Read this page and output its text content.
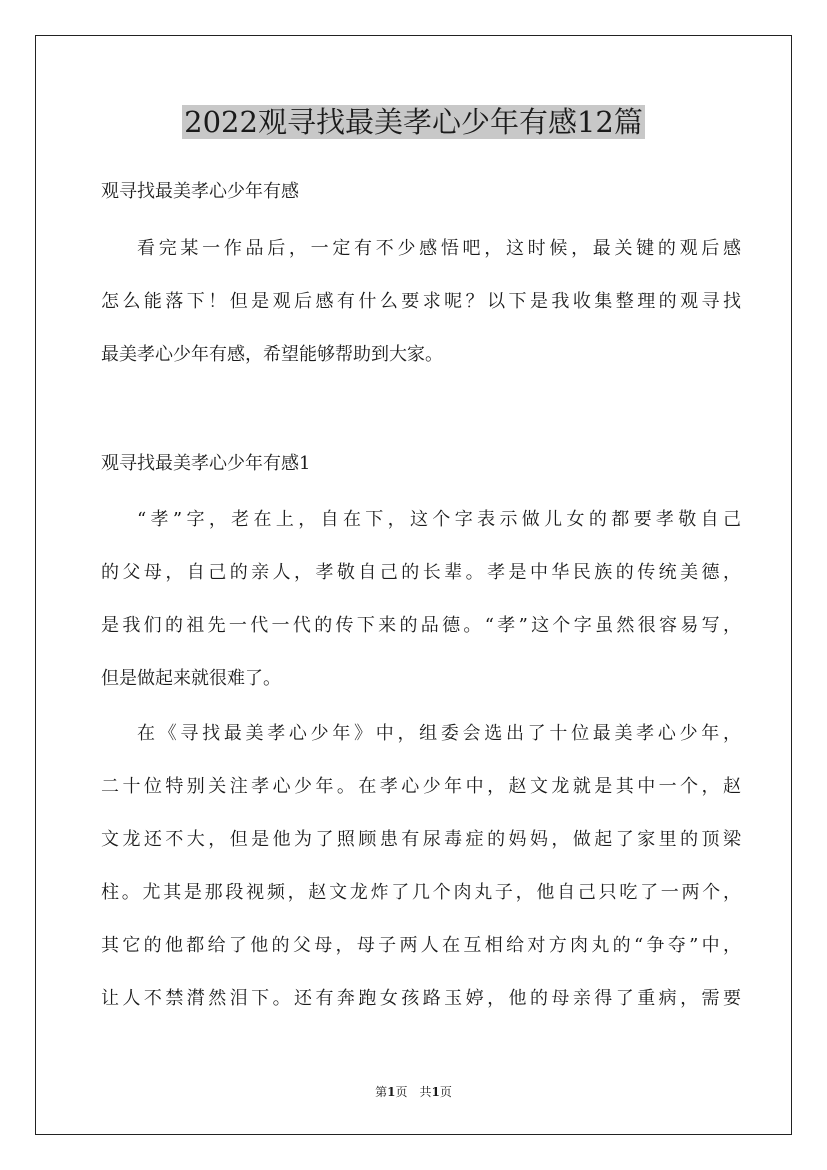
2022观寻找最美孝心少年有感12篇
观寻找最美孝心少年有感

看完某一作品后，一定有不少感悟吧，这时候，最关键的观后感
怎么能落下！但是观后感有什么要求呢？以下是我收集整理的观寻找
最美孝心少年有感，希望能够帮助到大家。

观寻找最美孝心少年有感1

“孝”字，老在上，自在下，这个字表示做儿女的都要孝敬自己
的父母，自己的亲人，孝敬自己的长辈。孝是中华民族的传统美德，
是我们的祖先一代一代的传下来的品德。“孝”这个字虽然很容易写，
但是做起来就很难了。

在《寻找最美孝心少年》中，组委会选出了十位最美孝心少年，
二十位特别关注孝心少年。在孝心少年中，赵文龙就是其中一个，赵
文龙还不大，但是他为了照顾患有尿毒症的妈妈，做起了家里的顶梁
柱。尤其是那段视频，赵文龙炸了几个肉丸子，他自己只吃了一两个，
其它的他都给了他的父母，母子两人在互相给对方肉丸的“争夺”中，
让人不禁潸然泪下。还有奔跑女孩路玉婷，他的母亲得了重病，需要

第1页　共1页
